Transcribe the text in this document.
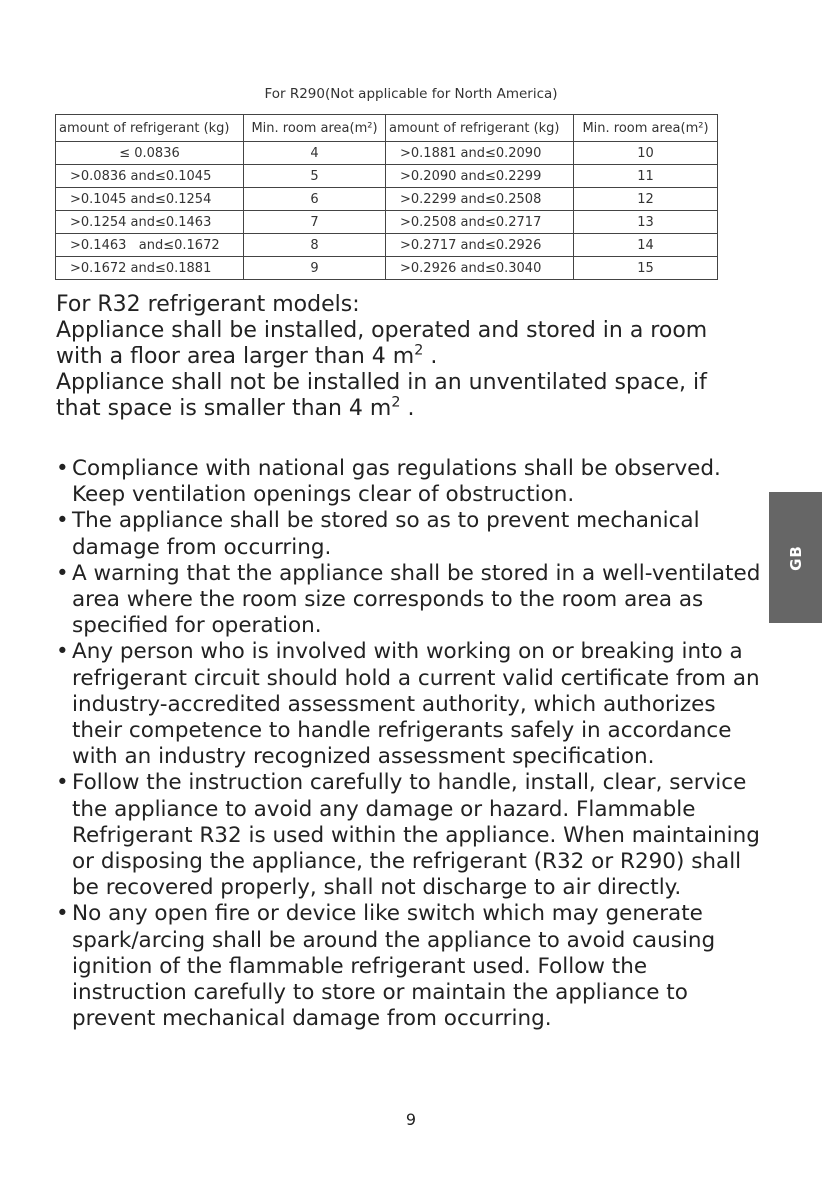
For R290(Not applicable for North America)
amount of refrigerant (kg)	Min. room area(m²)	amount of refrigerant (kg)	Min. room area(m²)
≤ 0.0836	4	>0.1881 and≤0.2090	10
>0.0836 and≤0.1045	5	>0.2090 and≤0.2299	11
>0.1045 and≤0.1254	6	>0.2299 and≤0.2508	12
>0.1254 and≤0.1463	7	>0.2508 and≤0.2717	13
>0.1463   and≤0.1672	8	>0.2717 and≤0.2926	14
>0.1672 and≤0.1881	9	>0.2926 and≤0.3040	15

For R32 refrigerant models:

Appliance shall be installed, operated and stored in a room with a floor area larger than 4 $m^2$ .

Appliance shall not be installed in an unventilated space, if that space is smaller than 4 $m^2$ .

• Compliance with national gas regulations shall be observed. Keep ventilation openings clear of obstruction.
• The appliance shall be stored so as to prevent mechanical damage from occurring.
• A warning that the appliance shall be stored in a well-ventilated area where the room size corresponds to the room area as specified for operation.
• Any person who is involved with working on or breaking into a refrigerant circuit should hold a current valid certificate from an industry-accredited assessment authority, which authorizes their competence to handle refrigerants safely in accordance with an industry recognized assessment specification.
• Follow the instruction carefully to handle, install, clear, service the appliance to avoid any damage or hazard. Flammable Refrigerant R32 is used within the appliance. When maintaining or disposing the appliance, the refrigerant (R32 or R290) shall be recovered properly, shall not discharge to air directly.
• No any open fire or device like switch which may generate spark/arcing shall be around the appliance to avoid causing ignition of the flammable refrigerant used. Follow the instruction carefully to store or maintain the appliance to prevent mechanical damage from occurring.
9
GB
